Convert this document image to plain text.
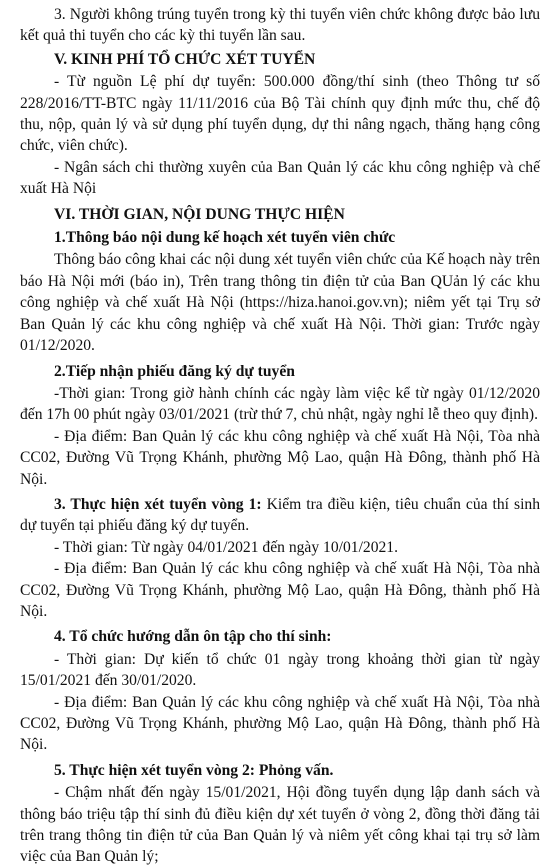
3. Người không trúng tuyển trong kỳ thi tuyển viên chức không được bảo lưu kết quả thi tuyển cho các kỳ thi tuyển lần sau.

V. KINH PHÍ TỔ CHỨC XÉT TUYỂN

- Từ nguồn Lệ phí dự tuyển: 500.000 đồng/thí sinh (theo Thông tư số 228/2016/TT-BTC ngày 11/11/2016 của Bộ Tài chính quy định mức thu, chế độ thu, nộp, quản lý và sử dụng phí tuyển dụng, dự thi nâng ngạch, thăng hạng công chức, viên chức).

- Ngân sách chi thường xuyên của Ban Quản lý các khu công nghiệp và chế xuất Hà Nội

VI. THỜI GIAN, NỘI DUNG THỰC HIỆN

1.Thông báo nội dung kế hoạch xét tuyển viên chức

Thông báo công khai các nội dung xét tuyển viên chức của Kế hoạch này trên báo Hà Nội mới (báo in), Trên trang thông tin điện tử của Ban QUản lý các khu công nghiệp và chế xuất Hà Nội (https://hiza.hanoi.gov.vn); niêm yết tại Trụ sở Ban Quản lý các khu công nghiệp và chế xuất Hà Nội. Thời gian: Trước ngày 01/12/2020.

2.Tiếp nhận phiếu đăng ký dự tuyển

-Thời gian: Trong giờ hành chính các ngày làm việc kể từ ngày 01/12/2020 đến 17h 00 phút ngày 03/01/2021 (trừ thứ 7, chủ nhật, ngày nghỉ lễ theo quy định).

- Địa điểm: Ban Quản lý các khu công nghiệp và chế xuất Hà Nội, Tòa nhà CC02, Đường Vũ Trọng Khánh, phường Mộ Lao, quận Hà Đông, thành phố Hà Nội.

3. Thực hiện xét tuyển vòng 1: Kiểm tra điều kiện, tiêu chuẩn của thí sinh dự tuyển tại phiếu đăng ký dự tuyển.

- Thời gian: Từ ngày 04/01/2021 đến ngày 10/01/2021.

- Địa điểm: Ban Quản lý các khu công nghiệp và chế xuất Hà Nội, Tòa nhà CC02, Đường Vũ Trọng Khánh, phường Mộ Lao, quận Hà Đông, thành phố Hà Nội.

4. Tổ chức hướng dẫn ôn tập cho thí sinh:

- Thời gian: Dự kiến tổ chức 01 ngày trong khoảng thời gian từ ngày 15/01/2021 đến 30/01/2020.

- Địa điểm: Ban Quản lý các khu công nghiệp và chế xuất Hà Nội, Tòa nhà CC02, Đường Vũ Trọng Khánh, phường Mộ Lao, quận Hà Đông, thành phố Hà Nội.

5. Thực hiện xét tuyển vòng 2: Phỏng vấn.

- Chậm nhất đến ngày 15/01/2021, Hội đồng tuyển dụng lập danh sách và thông báo triệu tập thí sinh đủ điều kiện dự xét tuyển ở vòng 2, đồng thời đăng tải trên trang thông tin điện tử của Ban Quản lý và niêm yết công khai tại trụ sở làm việc của Ban Quản lý;
